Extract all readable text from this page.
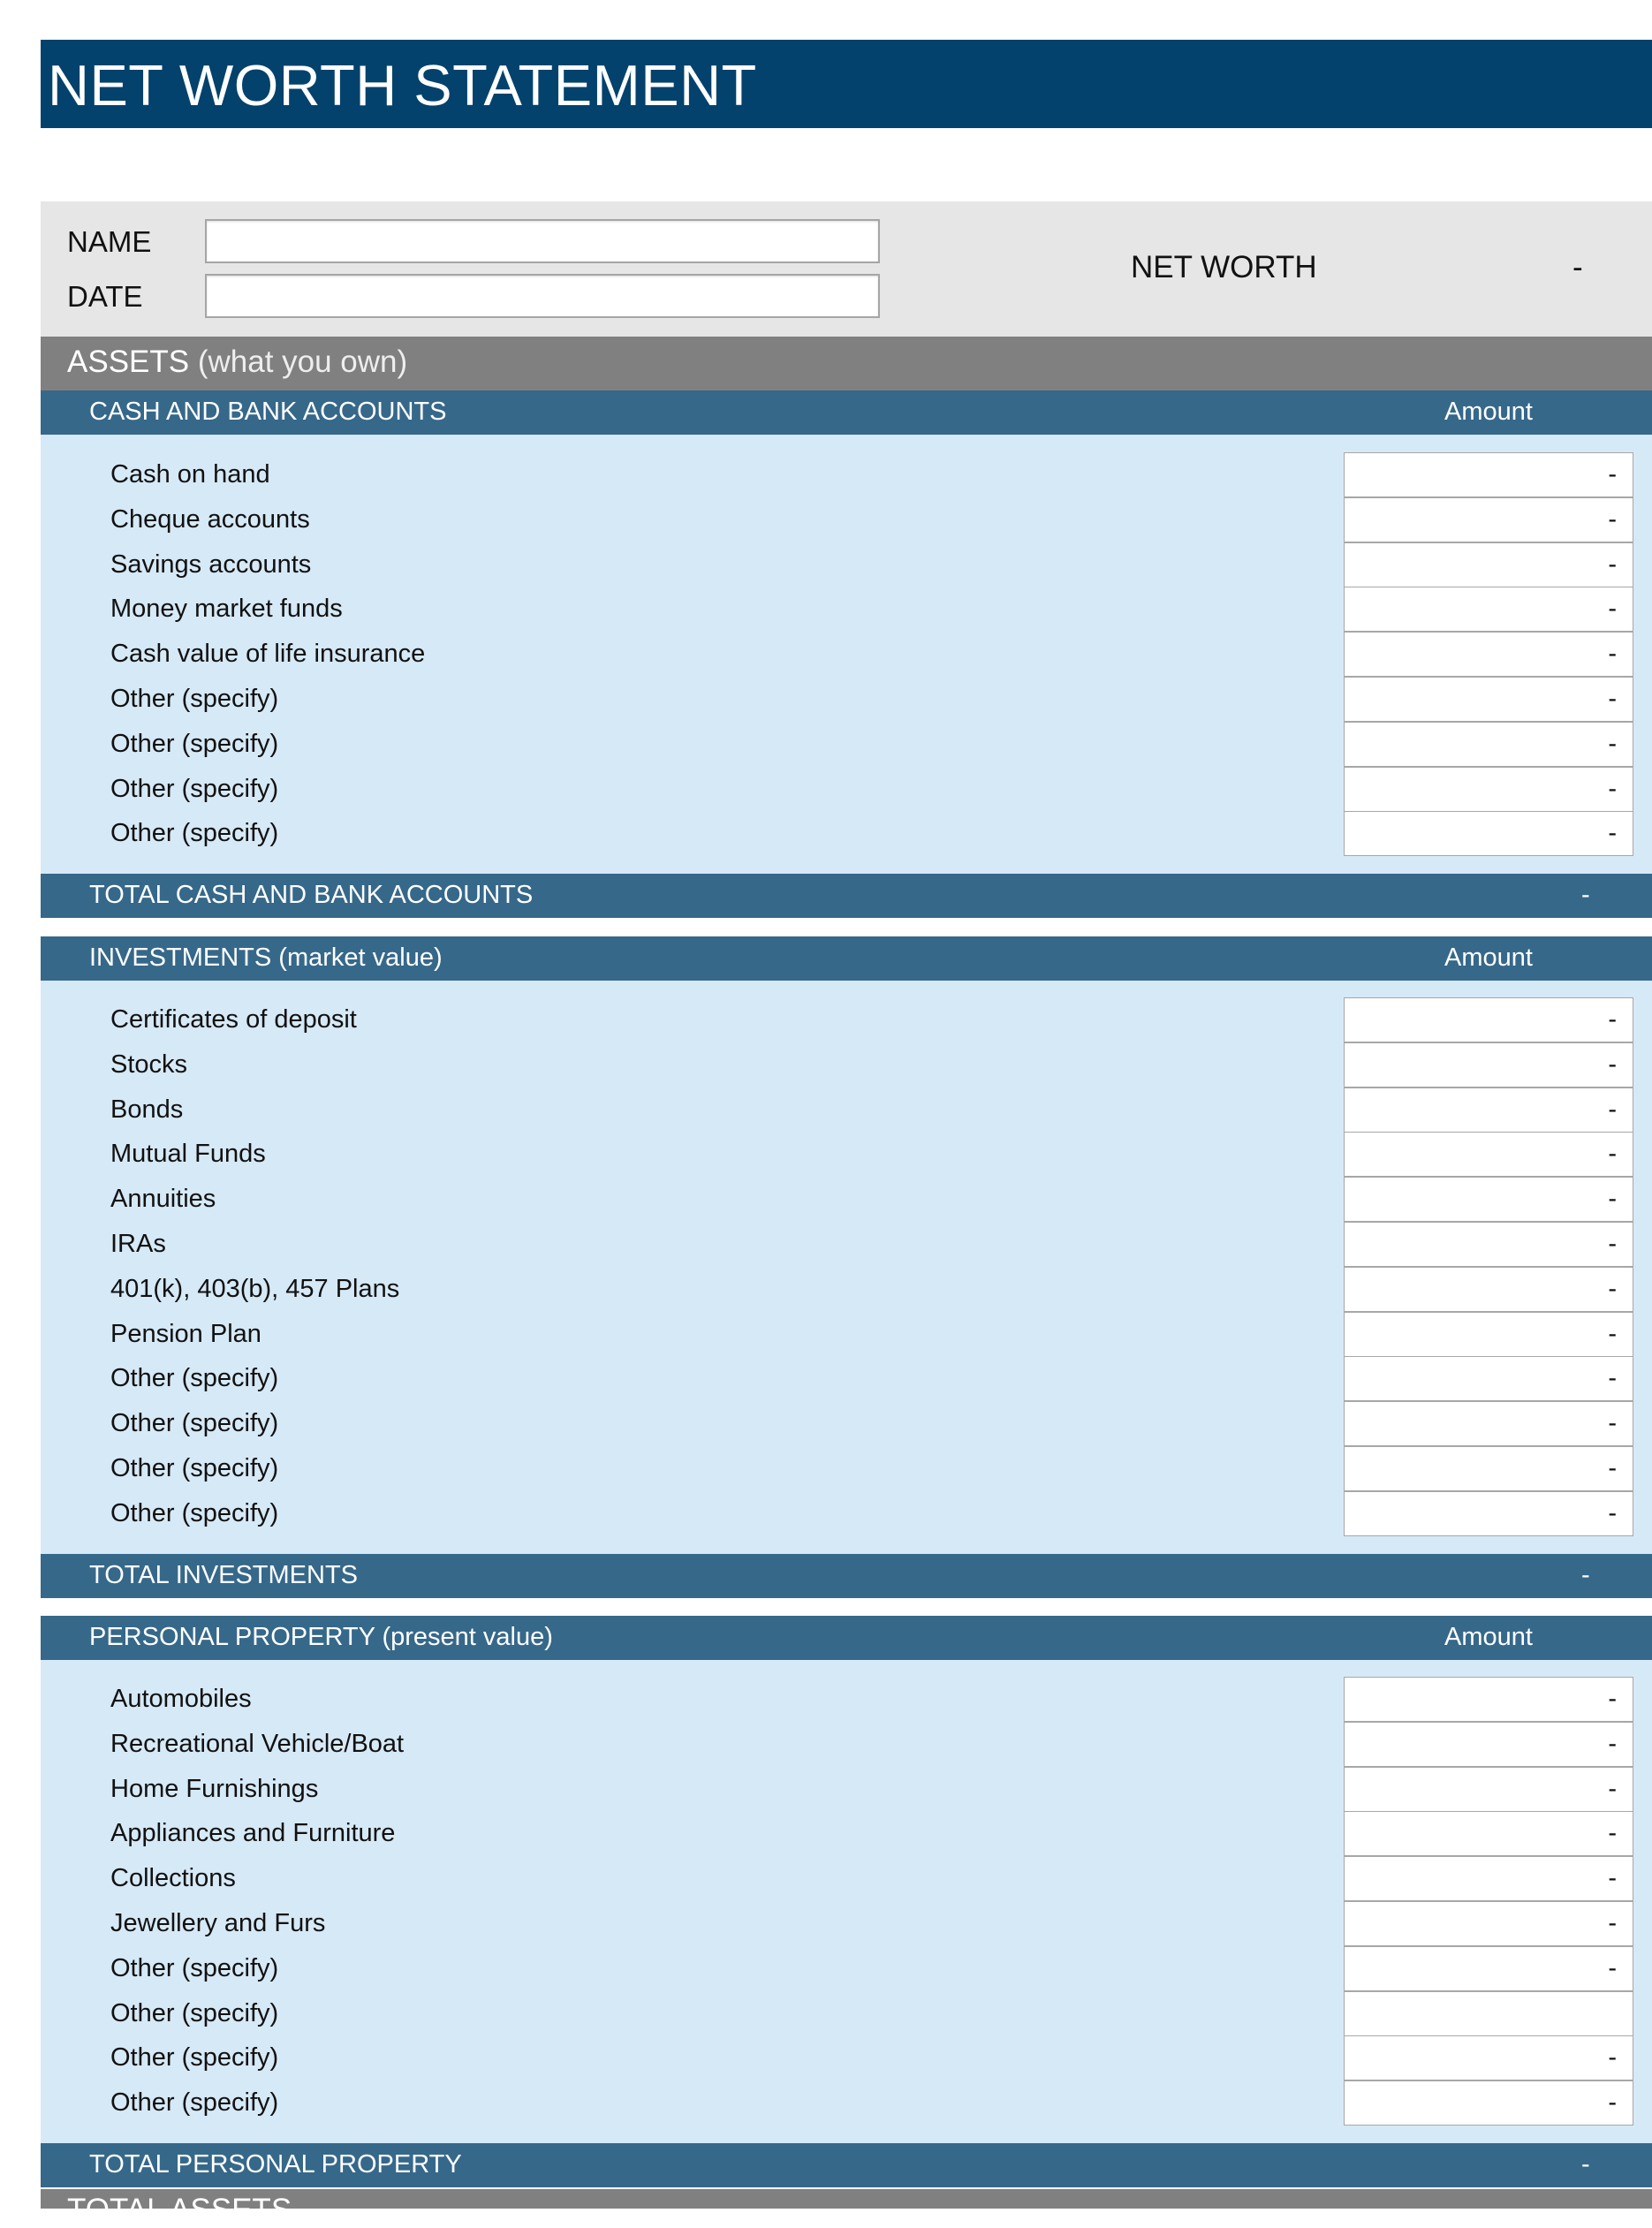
NET WORTH STATEMENT
NAME
DATE
NET WORTH	-
ASSETS (what you own)
CASH AND BANK ACCOUNTS	Amount
Cash on hand	-
Cheque accounts	-
Savings accounts	-
Money market funds	-
Cash value of life insurance	-
Other (specify)	-
Other (specify)	-
Other (specify)	-
Other (specify)	-
TOTAL CASH AND BANK ACCOUNTS	-
INVESTMENTS (market value)	Amount
Certificates of deposit	-
Stocks	-
Bonds	-
Mutual Funds	-
Annuities	-
IRAs	-
401(k), 403(b), 457 Plans	-
Pension Plan	-
Other (specify)	-
Other (specify)	-
Other (specify)	-
Other (specify)	-
TOTAL INVESTMENTS	-
PERSONAL PROPERTY (present value)	Amount
Automobiles	-
Recreational Vehicle/Boat	-
Home Furnishings	-
Appliances and Furniture	-
Collections	-
Jewellery and Furs	-
Other (specify)	-
Other (specify)
Other (specify)	-
Other (specify)	-
TOTAL PERSONAL PROPERTY	-
TOTAL ASSETS
